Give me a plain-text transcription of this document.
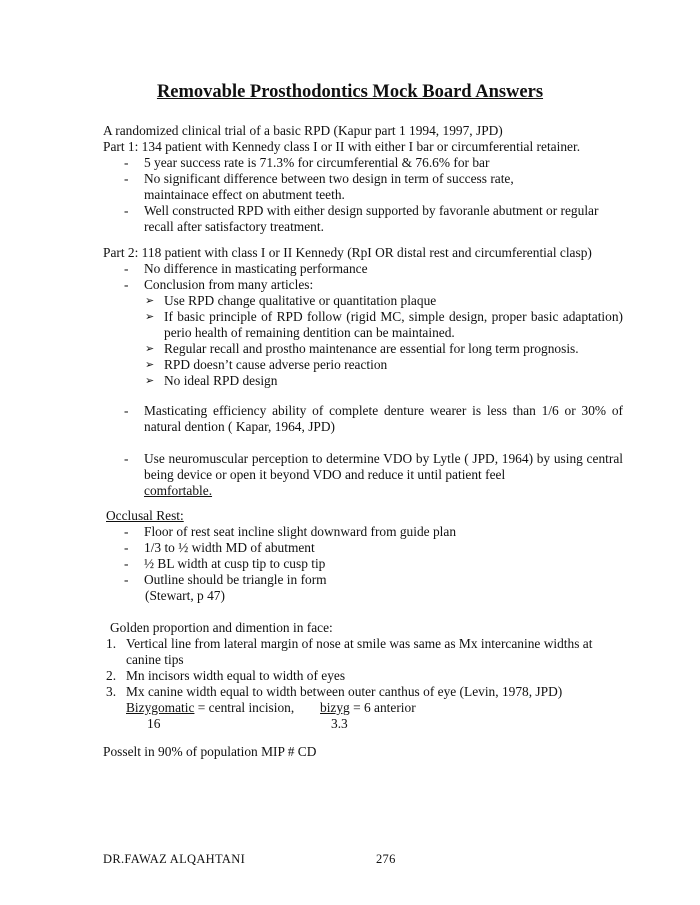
Removable Prosthodontics Mock Board Answers
A randomized clinical trial of a basic RPD (Kapur part 1 1994, 1997, JPD)
Part 1: 134 patient with Kennedy class I or II with either I bar or circumferential retainer.
- 5 year success rate is 71.3% for circumferential & 76.6% for bar
- No significant difference between two design in term of success rate, maintainace effect on abutment teeth.
- Well constructed RPD with either design supported by favoranle abutment or regular recall after satisfactory treatment.
Part 2: 118 patient with class I or II Kennedy (RpI OR distal rest and circumferential clasp)
- No difference in masticating performance
- Conclusion from many articles:
➢ Use RPD change qualitative or quantitation plaque
➢ If basic principle of RPD follow (rigid MC, simple design, proper basic adaptation) perio health of remaining dentition can be maintained.
➢ Regular recall and prostho maintenance are essential for long term prognosis.
➢ RPD doesn’t cause adverse perio reaction
➢ No ideal RPD design
- Masticating efficiency ability of complete denture wearer is less than 1/6 or 30% of natural dention ( Kapar, 1964, JPD)
- Use neuromuscular perception to determine VDO by Lytle ( JPD, 1964) by using central being device or open it beyond VDO and reduce it until patient feel
comfortable.
Occlusal Rest:
- Floor of rest seat incline slight downward from guide plan
- 1/3 to ½ width MD of abutment
- ½ BL width at cusp tip to cusp tip
- Outline should be triangle in form
(Stewart, p 47)
Golden proportion and dimention in face:
1. Vertical line from lateral margin of nose at smile was same as Mx intercanine widths at canine tips
2. Mn incisors width equal to width of eyes
3. Mx canine width equal to width between outer canthus of eye (Levin, 1978, JPD)
Bizygomatic = central incision, bizyg = 6 anterior
16	3.3
Posselt in 90% of population MIP # CD
DR.FAWAZ ALQAHTANI	276
